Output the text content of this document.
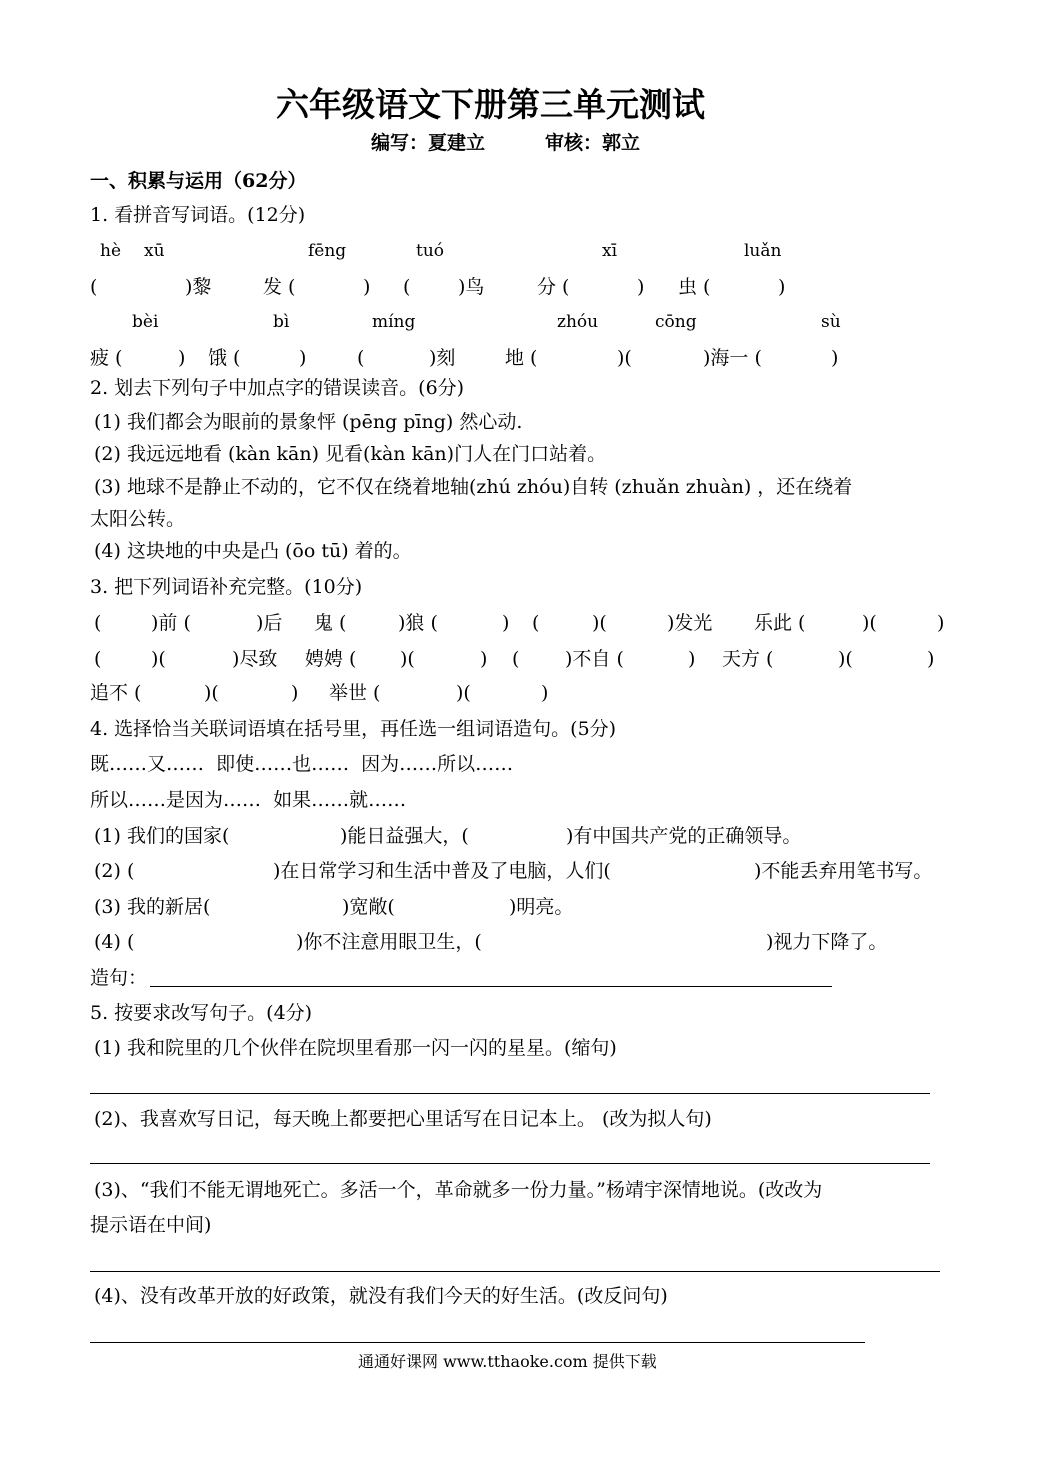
六年级语文下册第三单元测试
编写：夏建立	审核：郭立
一、积累与运用（62分）
1. 看拼音写词语。(12分)
hè xū	fēng	tuó	xī	luǎn
(	)黎	发 (	) (	)鸟	分 (	) 虫 (	)
bèi	bì	míng	zhóu	cōng	sù
疲 (	) 饿 (	)	(	)刻	地 (	)(	)海一 (	)
2. 划去下列句子中加点字的错误读音。(6分)
(1) 我们都会为眼前的景象怦 (pēng pīng) 然心动.
(2) 我远远地看 (kàn kān) 见看(kàn kān)门人在门口站着。
(3) 地球不是静止不动的，它不仅在绕着地轴(zhú zhóu)自转 (zhuǎn zhuàn) ，还在绕着
太阳公转。
(4) 这块地的中央是凸 (ōo tū) 着的。
3. 把下列词语补充完整。(10分)
(	)前 (	)后 鬼 (	)狼 (	) (	)(	)发光 乐此 (	)(	)
(	)(	)尽致 娉娉 ( )(	) ( )不自 (	) 天方 (	)(	)
追不 (	)(	) 举世 (	)(	)
4. 选择恰当关联词语填在括号里，再任选一组词语造句。(5分)
既……又……  即使……也……  因为……所以……
所以……是因为……  如果……就……
(1) 我们的国家(	)能日益强大，(	)有中国共产党的正确领导。
(2) (	)在日常学习和生活中普及了电脑，人们(	)不能丢弃用笔书写。
(3) 我的新居(	)宽敞(	)明亮。
(4) (	)你不注意用眼卫生，(	)视力下降了。
造句：
5. 按要求改写句子。(4分)
(1) 我和院里的几个伙伴在院坝里看那一闪一闪的星星。(缩句)
(2)、我喜欢写日记，每天晚上都要把心里话写在日记本上。 (改为拟人句)
(3)、“我们不能无谓地死亡。多活一个，革命就多一份力量。”杨靖宇深情地说。(改改为
提示语在中间)
(4)、没有改革开放的好政策，就没有我们今天的好生活。(改反问句)
通通好课网 www.tthaoke.com 提供下载
